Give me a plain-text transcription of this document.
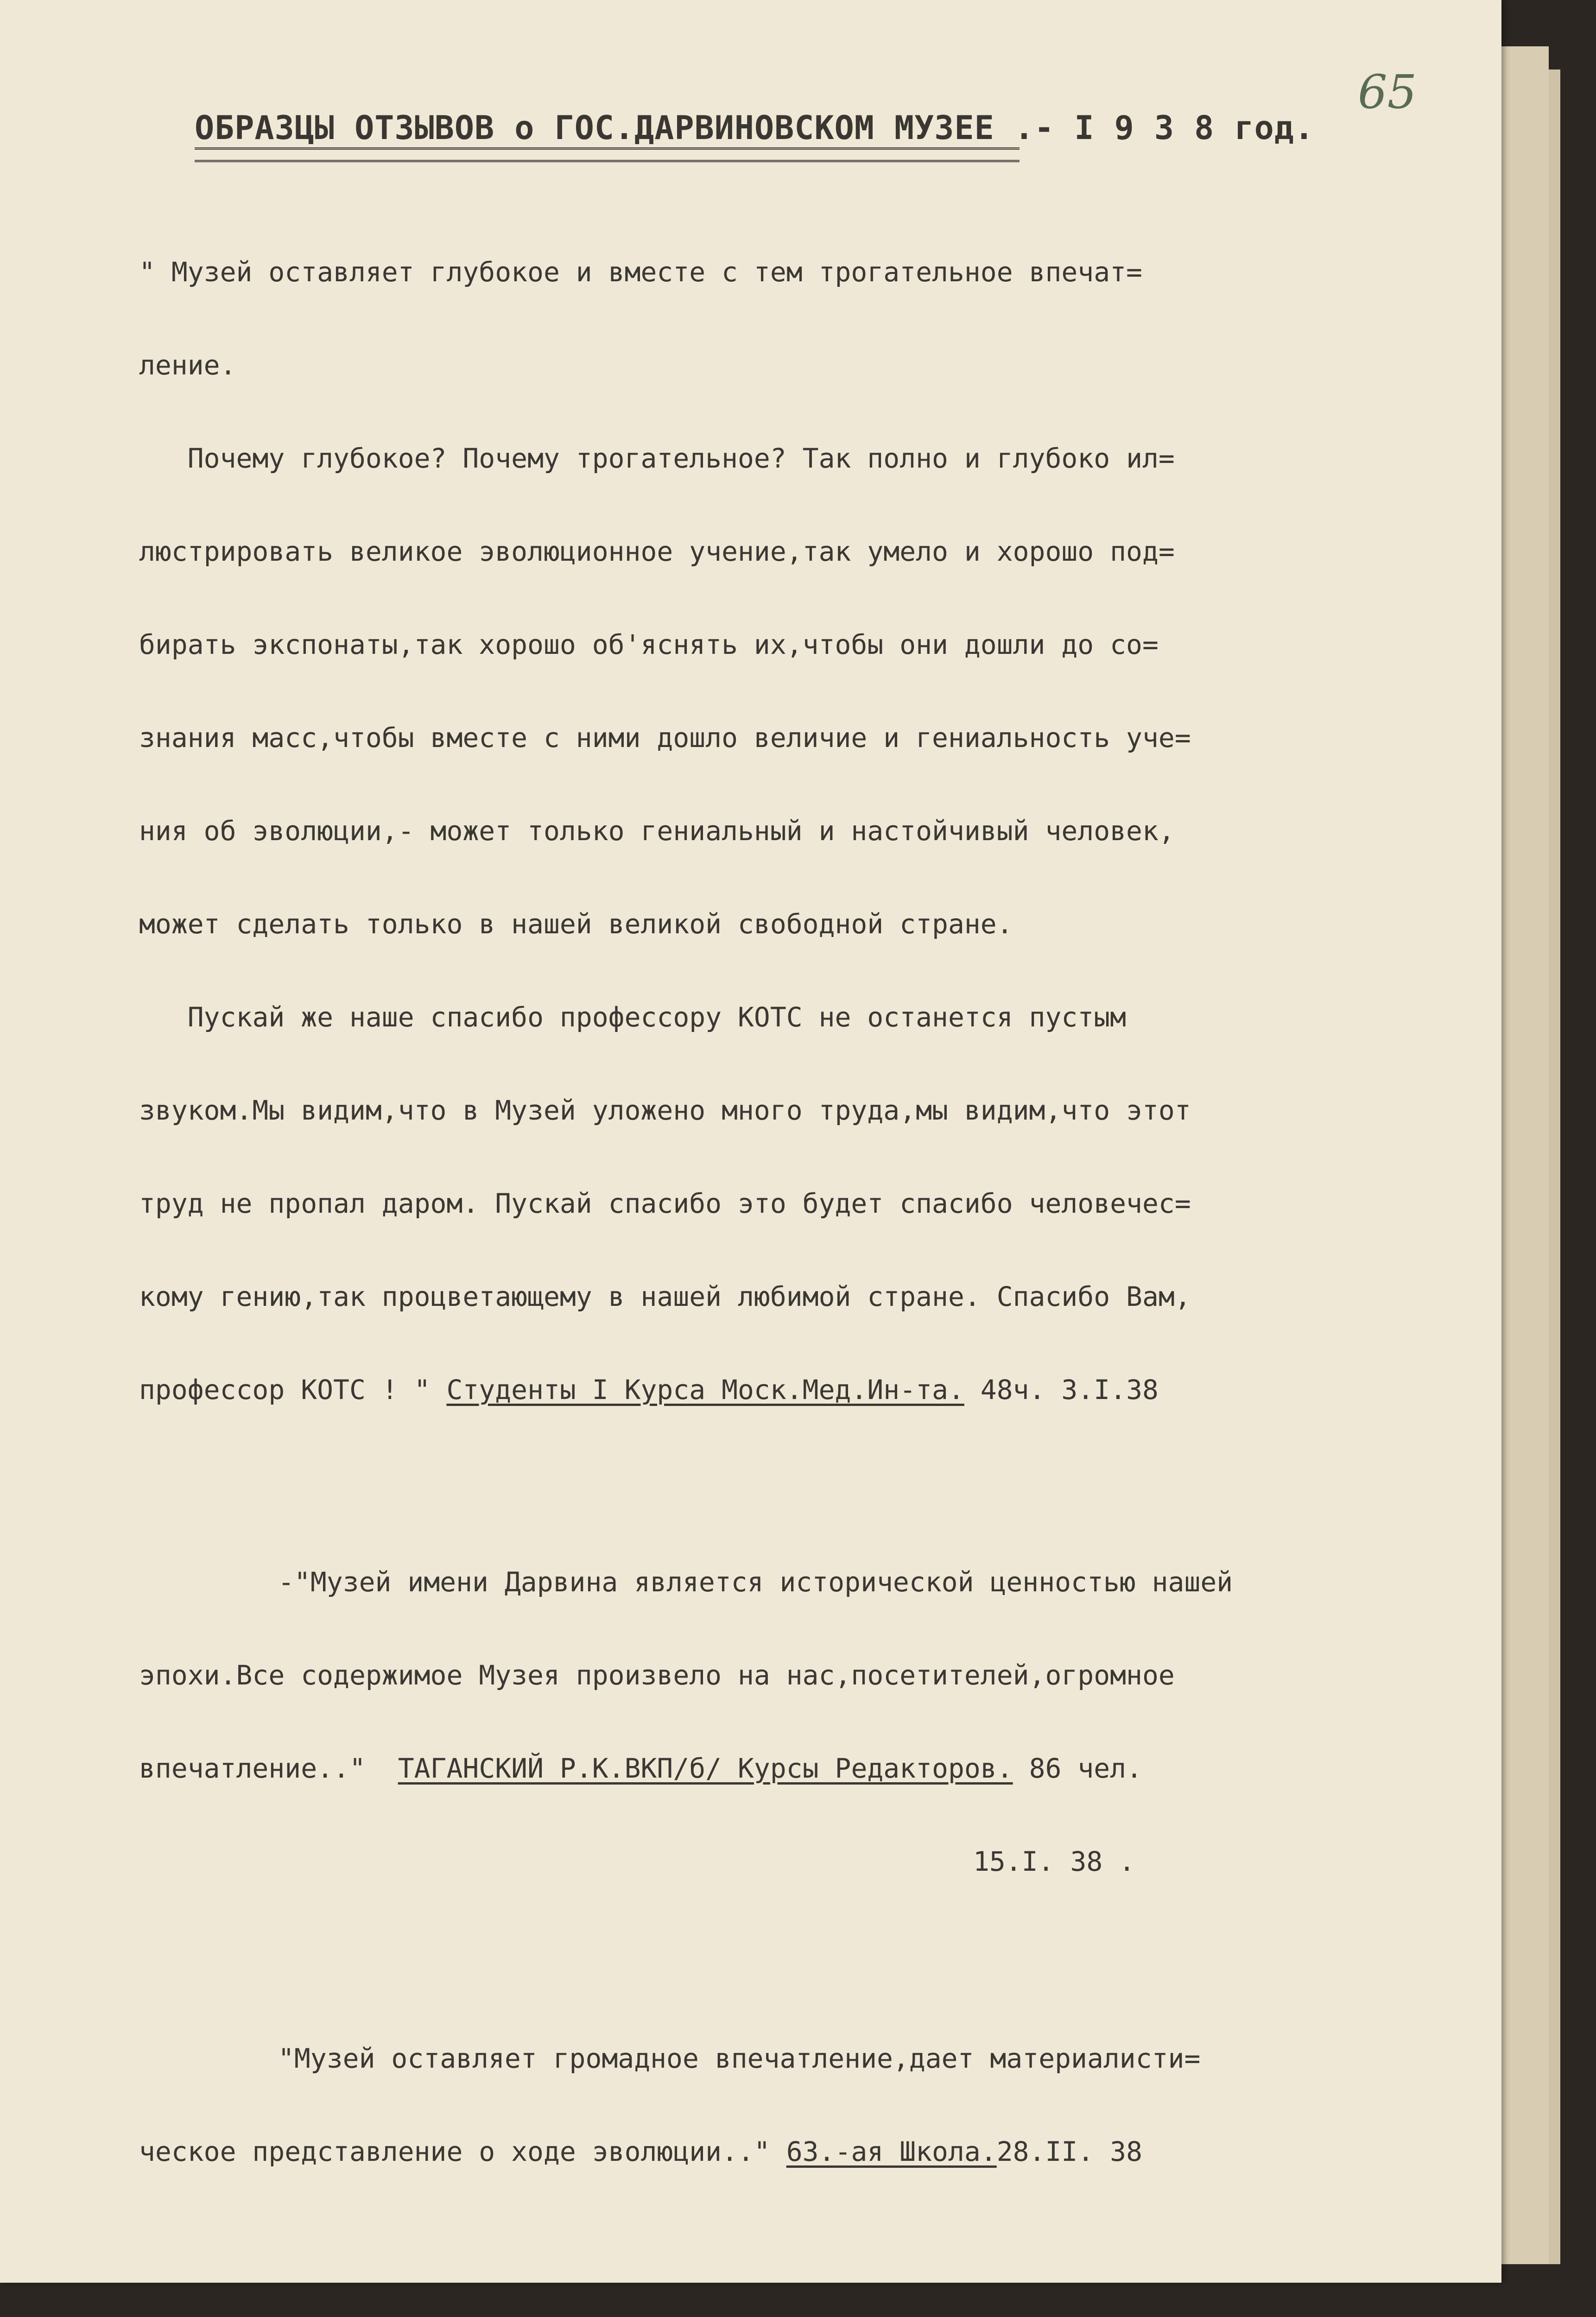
65
ОБРАЗЦЫ ОТЗЫВОВ о ГОС.ДАРВИНОВСКОМ МУЗЕЕ .- I 9 3 8 год.

" Музей оставляет глубокое и вместе с тем трогательное впечат=

ление.

Почему глубокое? Почему трогательное? Так полно и глубоко ил=

люстрировать великое эволюционное учение,так умело и хорошо под=

бирать экспонаты,так хорошо об'яснять их,чтобы они дошли до со=

знания масс,чтобы вместе с ними дошло величие и гениальность уче=

ния об эволюции,- может только гениальный и настойчивый человек,

может сделать только в нашей великой свободной стране.

Пускай же наше спасибо профессору КОТС не останется пустым

звуком.Мы видим,что в Музей уложено много труда,мы видим,что этот

труд не пропал даром. Пускай спасибо это будет спасибо человечес=

кому гению,так процветающему в нашей любимой стране. Спасибо Вам,

профессор КОТС ! " Студенты I Курса Моск.Мед.Ин-та. 48ч. 3.I.38

-"Музей имени Дарвина является исторической ценностью нашей

эпохи.Все содержимое Музея произвело на нас,посетителей,огромное

впечатление.." ТАГАНСКИЙ Р.К.ВКП/б/ Курсы Редакторов. 86 чел.

15.I. 38 .

"Музей оставляет громадное впечатление,дает материалисти=

ческое представление о ходе эволюции.." 63.-ая Школа.28.II. 38
